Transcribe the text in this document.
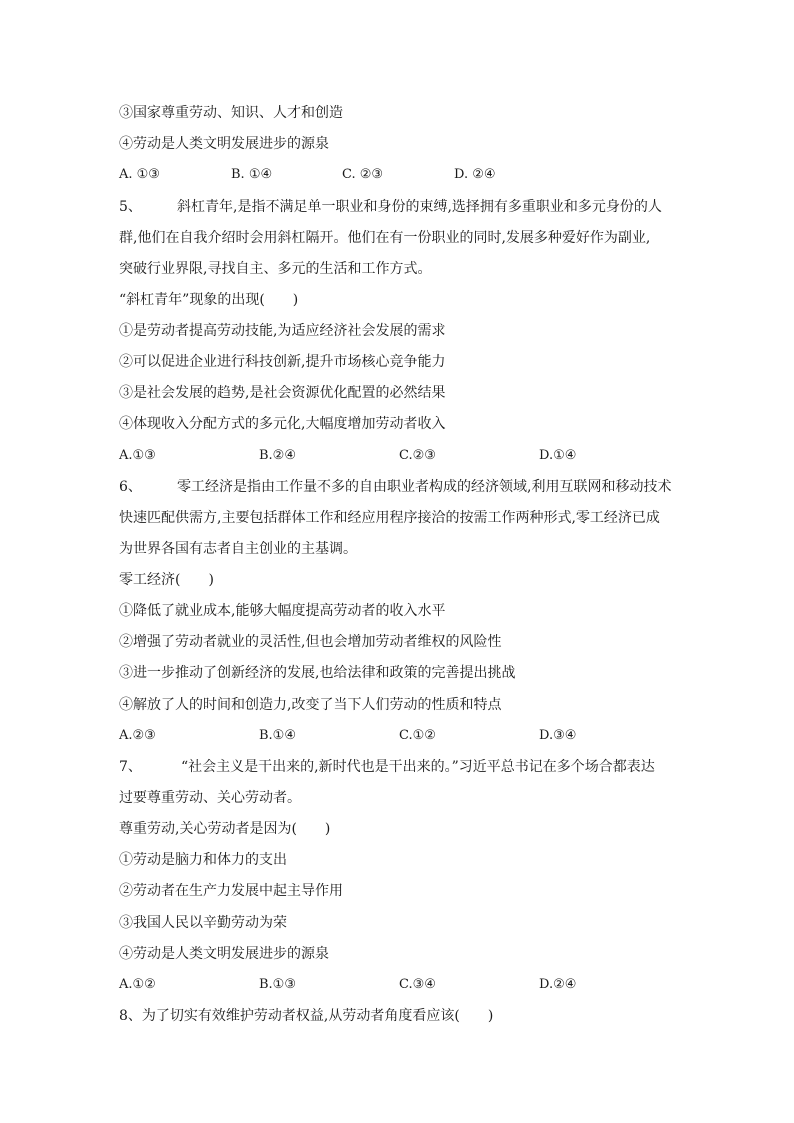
③国家尊重劳动、知识、人才和创造
④劳动是人类文明发展进步的源泉
A. ①③	B. ①④	C. ②③	D. ②④
5、	斜杠青年,是指不满足单一职业和身份的束缚,选择拥有多重职业和多元身份的人
群,他们在自我介绍时会用斜杠隔开。他们在有一份职业的同时,发展多种爱好作为副业,
突破行业界限,寻找自主、多元的生活和工作方式。
“斜杠青年”现象的出现(　　)
①是劳动者提高劳动技能,为适应经济社会发展的需求
②可以促进企业进行科技创新,提升市场核心竞争能力
③是社会发展的趋势,是社会资源优化配置的必然结果
④体现收入分配方式的多元化,大幅度增加劳动者收入
A.①③	B.②④	C.②③	D.①④
6、	零工经济是指由工作量不多的自由职业者构成的经济领域,利用互联网和移动技术
快速匹配供需方,主要包括群体工作和经应用程序接洽的按需工作两种形式,零工经济已成
为世界各国有志者自主创业的主基调。
零工经济(　　)
①降低了就业成本,能够大幅度提高劳动者的收入水平
②增强了劳动者就业的灵活性,但也会增加劳动者维权的风险性
③进一步推动了创新经济的发展,也给法律和政策的完善提出挑战
④解放了人的时间和创造力,改变了当下人们劳动的性质和特点
A.②③	B.①④	C.①②	D.③④
7、	“社会主义是干出来的,新时代也是干出来的。”习近平总书记在多个场合都表达
过要尊重劳动、关心劳动者。
尊重劳动,关心劳动者是因为(　　)
①劳动是脑力和体力的支出
②劳动者在生产力发展中起主导作用
③我国人民以辛勤劳动为荣
④劳动是人类文明发展进步的源泉
A.①②	B.①③	C.③④	D.②④
8、为了切实有效维护劳动者权益,从劳动者角度看应该(　　)
